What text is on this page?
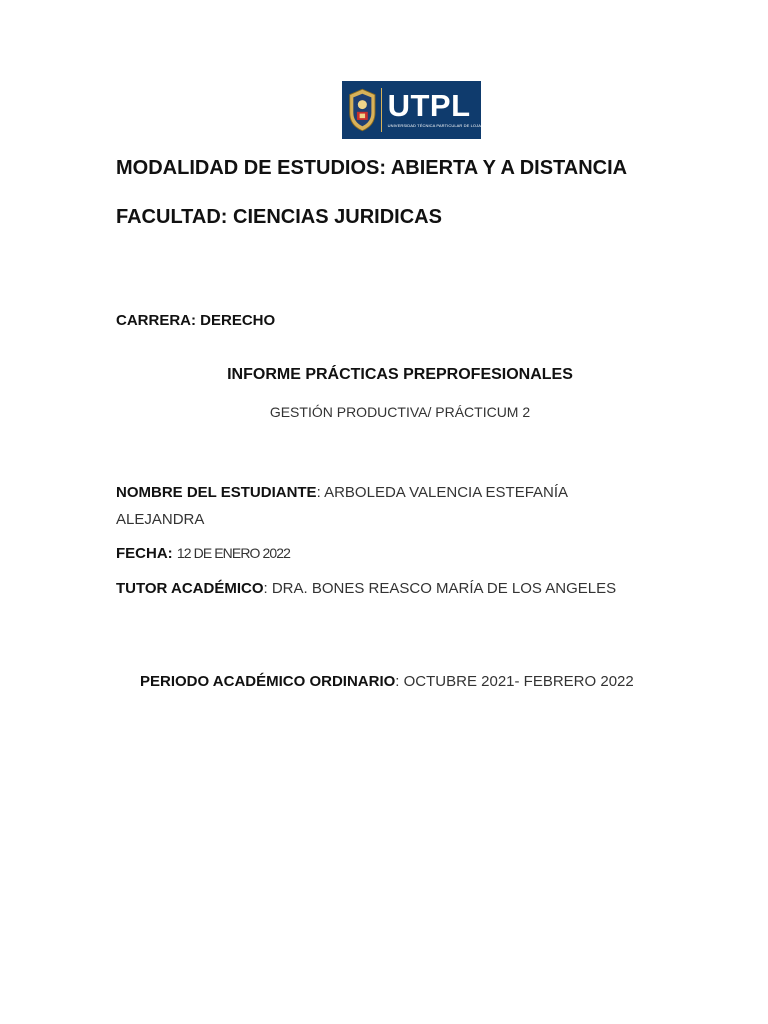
UTPL
UNIVERSIDAD TÉCNICA PARTICULAR DE LOJA
MODALIDAD DE ESTUDIOS: ABIERTA Y A DISTANCIA
FACULTAD: CIENCIAS JURIDICAS
CARRERA: DERECHO
INFORME PRÁCTICAS PREPROFESIONALES
GESTIÓN PRODUCTIVA/ PRÁCTICUM 2
NOMBRE DEL ESTUDIANTE: ARBOLEDA VALENCIA ESTEFANÍA
ALEJANDRA
FECHA: 12 DE ENERO 2022
TUTOR ACADÉMICO: DRA. BONES REASCO MARÍA DE LOS ANGELES
PERIODO ACADÉMICO ORDINARIO: OCTUBRE 2021- FEBRERO 2022
